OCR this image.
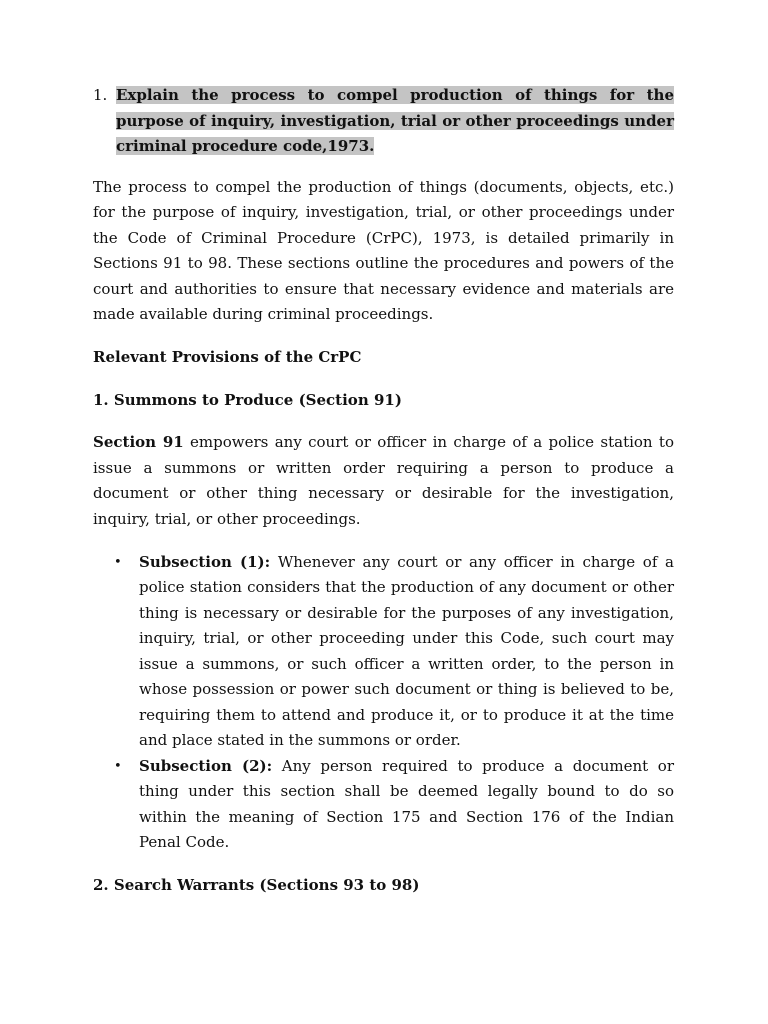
1. Explain the process to compel production of things for the purpose of inquiry, investigation, trial or other proceedings under criminal procedure code,1973.

The process to compel the production of things (documents, objects, etc.) for the purpose of inquiry, investigation, trial, or other proceedings under the Code of Criminal Procedure (CrPC), 1973, is detailed primarily in Sections 91 to 98. These sections outline the procedures and powers of the court and authorities to ensure that necessary evidence and materials are made available during criminal proceedings.

Relevant Provisions of the CrPC
1. Summons to Produce (Section 91)

Section 91 empowers any court or officer in charge of a police station to issue a summons or written order requiring a person to produce a document or other thing necessary or desirable for the investigation, inquiry, trial, or other proceedings.

• Subsection (1): Whenever any court or any officer in charge of a police station considers that the production of any document or other thing is necessary or desirable for the purposes of any investigation, inquiry, trial, or other proceeding under this Code, such court may issue a summons, or such officer a written order, to the person in whose possession or power such document or thing is believed to be, requiring them to attend and produce it, or to produce it at the time and place stated in the summons or order.
• Subsection (2): Any person required to produce a document or thing under this section shall be deemed legally bound to do so within the meaning of Section 175 and Section 176 of the Indian Penal Code.
2. Search Warrants (Sections 93 to 98)
